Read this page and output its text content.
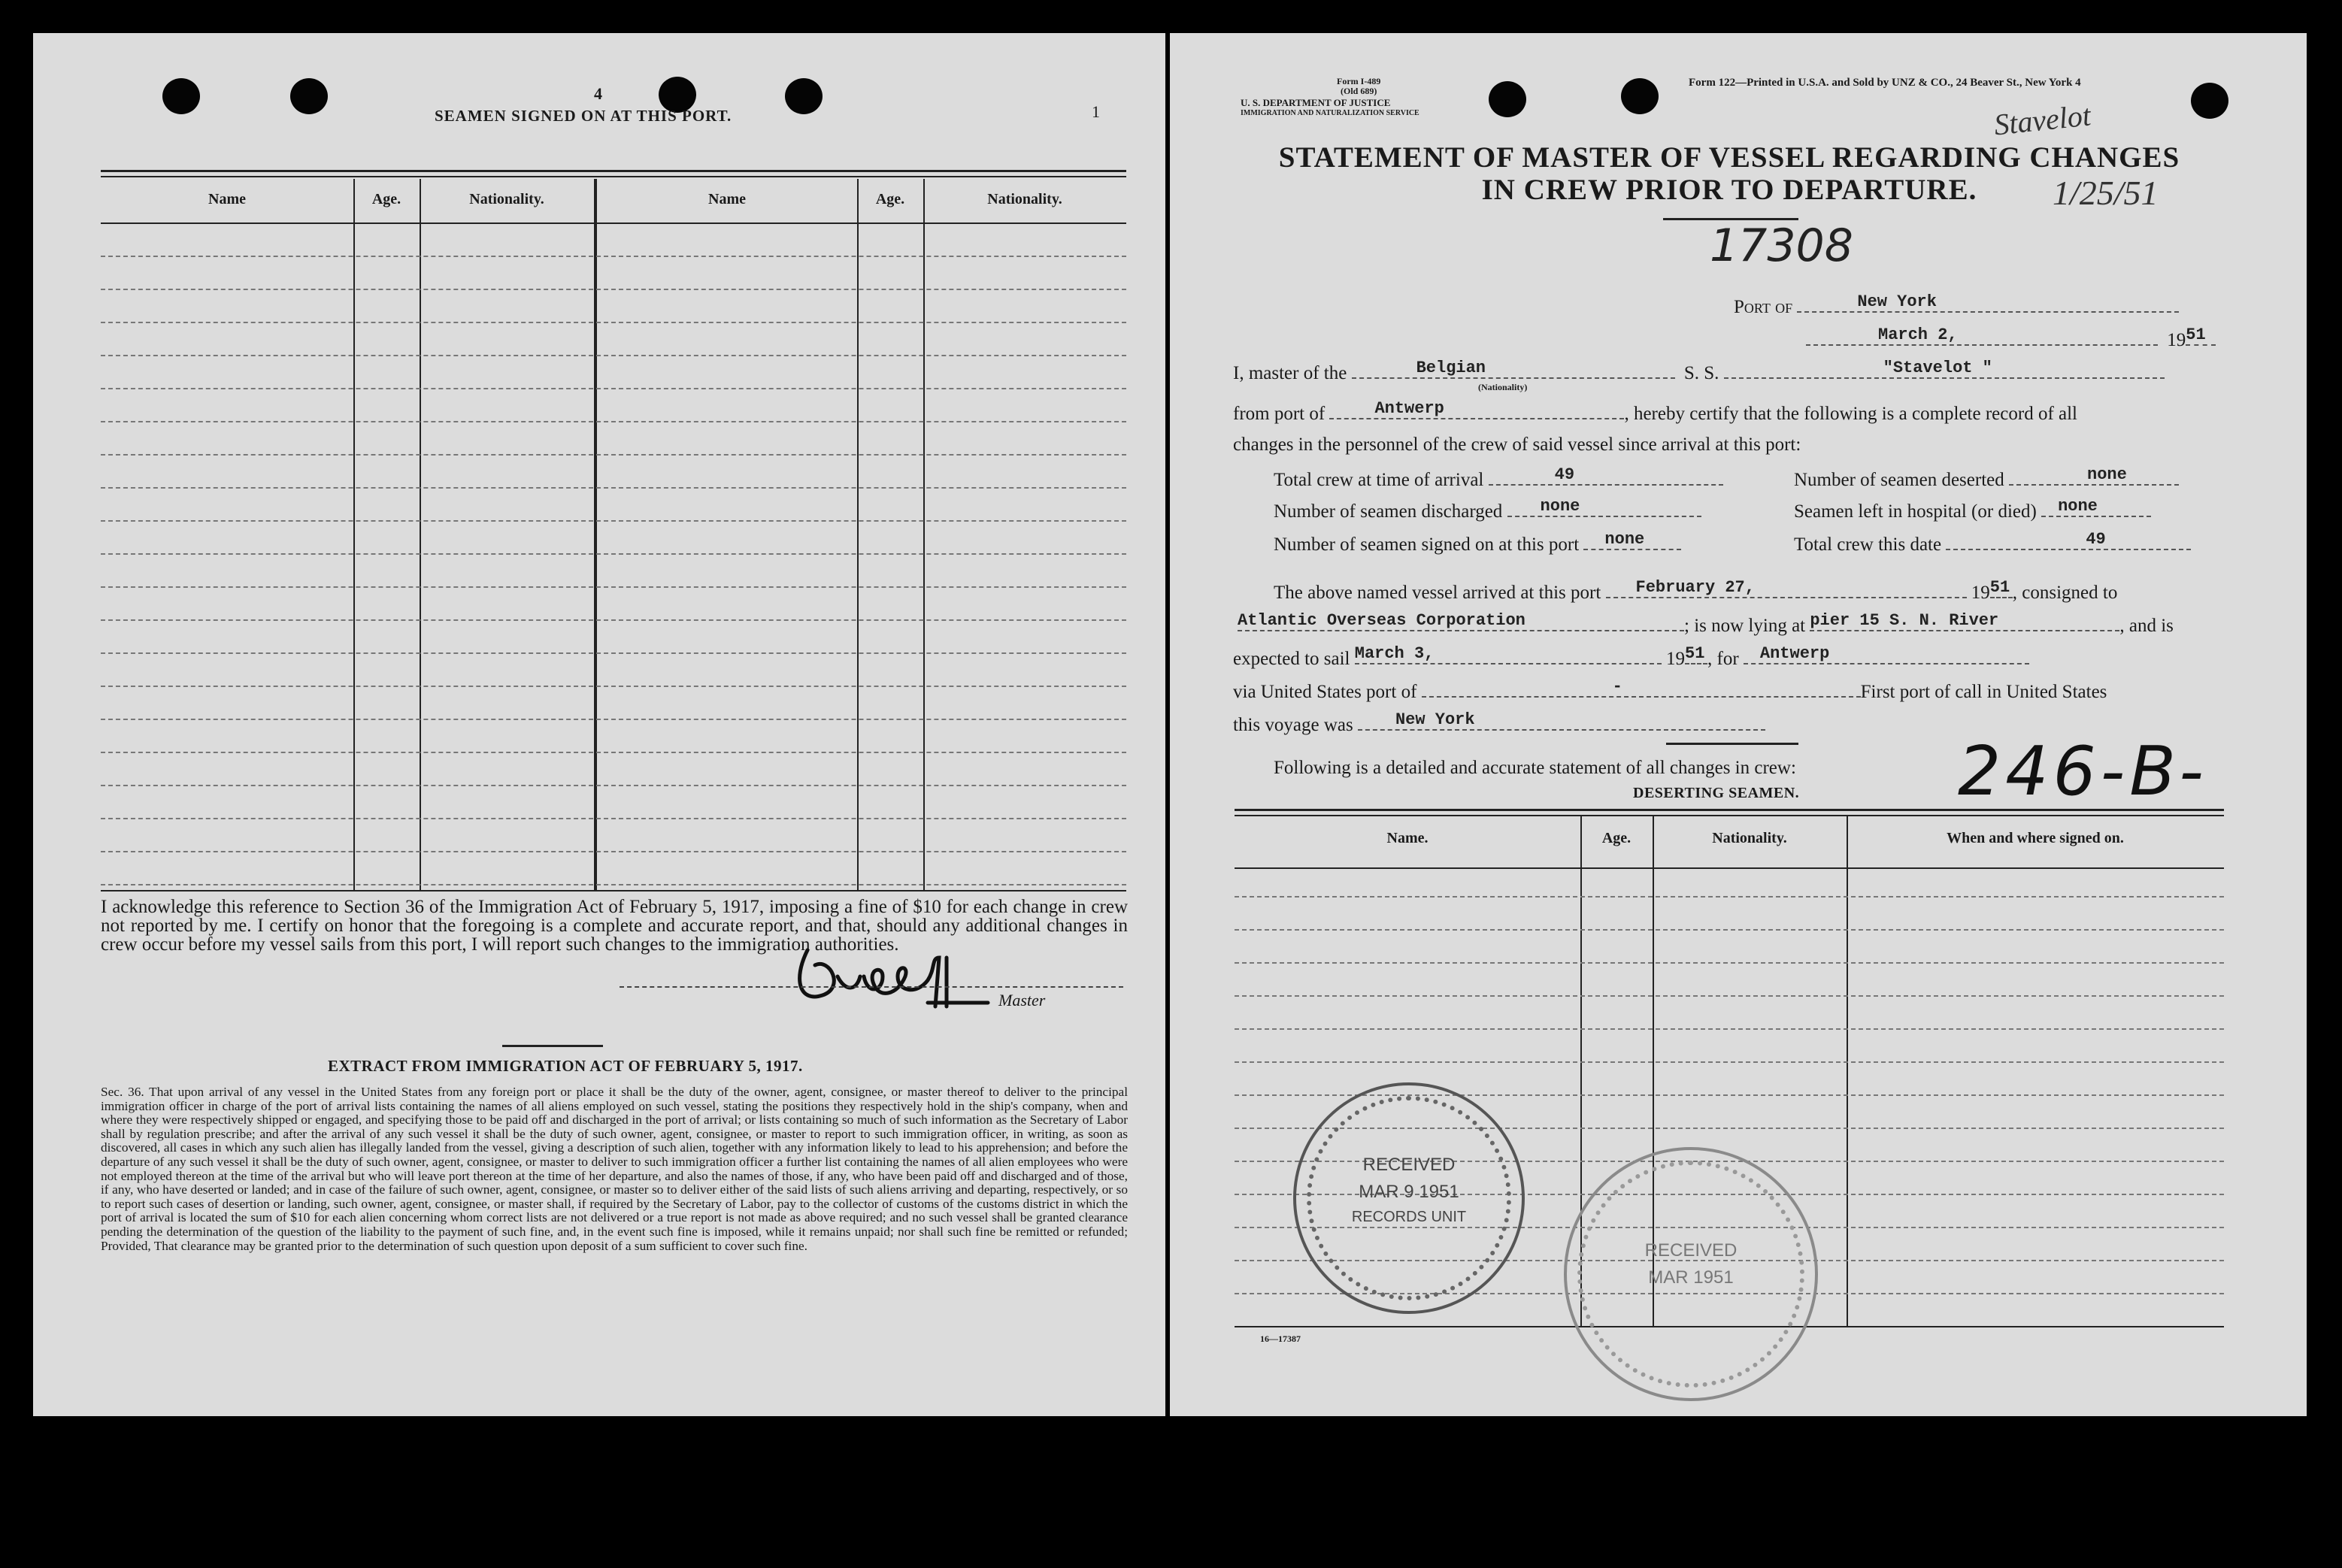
4
SEAMEN SIGNED ON AT THIS PORT.	1
Name	Age.	Nationality.	Name	Age.	Nationality.
I acknowledge this reference to Section 36 of the Immigration Act of February 5, 1917, imposing a fine of $10 for each change in crew not reported by me. I certify on honor that the foregoing is a complete and accurate report, and that, should any additional changes in crew occur before my vessel sails from this port, I will report such changes to the immigration authorities.
Master
EXTRACT FROM IMMIGRATION ACT OF FEBRUARY 5, 1917.
Sec. 36. That upon arrival of any vessel in the United States from any foreign port or place it shall be the duty of the owner, agent, consignee, or master thereof to deliver to the principal immigration officer in charge of the port of arrival lists containing the names of all aliens employed on such vessel, stating the positions they respectively hold in the ship's company, when and where they were respectively shipped or engaged, and specifying those to be paid off and discharged in the port of arrival; or lists containing so much of such information as the Secretary of Labor shall by regulation prescribe; and after the arrival of any such vessel it shall be the duty of such owner, agent, consignee, or master to report to such immigration officer, in writing, as soon as discovered, all cases in which any such alien has illegally landed from the vessel, giving a description of such alien, together with any information likely to lead to his apprehension; and before the departure of any such vessel it shall be the duty of such owner, agent, consignee, or master to deliver to such immigration officer a further list containing the names of all alien employees who were not employed thereon at the time of the arrival but who will leave port thereon at the time of her departure, and also the names of those, if any, who have been paid off and discharged and of those, if any, who have deserted or landed; and in case of the failure of such owner, agent, consignee, or master so to deliver either of the said lists of such aliens arriving and departing, respectively, or so to report such cases of desertion or landing, such owner, agent, consignee, or master shall, if required by the Secretary of Labor, pay to the collector of customs of the customs district in which the port of arrival is located the sum of $10 for each alien concerning whom correct lists are not delivered or a true report is not made as above required; and no such vessel shall be granted clearance pending the determination of the question of the liability to the payment of such fine, and, in the event such fine is imposed, while it remains unpaid; nor shall such fine be remitted or refunded; Provided, That clearance may be granted prior to the determination of such question upon deposit of a sum sufficient to cover such fine.
Form I-489
(Old 689)
U. S. DEPARTMENT OF JUSTICE
IMMIGRATION AND NATURALIZATION SERVICE
Form 122—Printed in U.S.A. and Sold by UNZ & CO., 24 Beaver St., New York 4
Stavelot
1/25/51
STATEMENT OF MASTER OF VESSEL REGARDING CHANGES
IN CREW PRIOR TO DEPARTURE.
17308
Port of	New York
March 2,	19 51
I, master of the	Belgian	S. S.	"Stavelot "
(Nationality)
from port of	Antwerp	, hereby certify that the following is a complete record of all
changes in the personnel of the crew of said vessel since arrival at this port:
Total crew at time of arrival	49	Number of seamen deserted	none
Number of seamen discharged none	Seamen left in hospital (or died) none
Number of seamen signed on at this port none	Total crew this date	49
The above named vessel arrived at this port February 27,	19 51 , consigned to
Atlantic Overseas Corporation	; is now lying at pier 15 S. N. River	, and is
expected to sail March 3,	19 51 , for Antwerp
via United States port of	-	First port of call in United States
this voyage was	New York
Following is a detailed and accurate statement of all changes in crew: 246-B-
DESERTING SEAMEN.
Name.	Age.	Nationality.	When and where signed on.
16—17387
RECEIVED
MAR 9 1951
RECORDS UNIT
RECEIVED
MAR 1951
